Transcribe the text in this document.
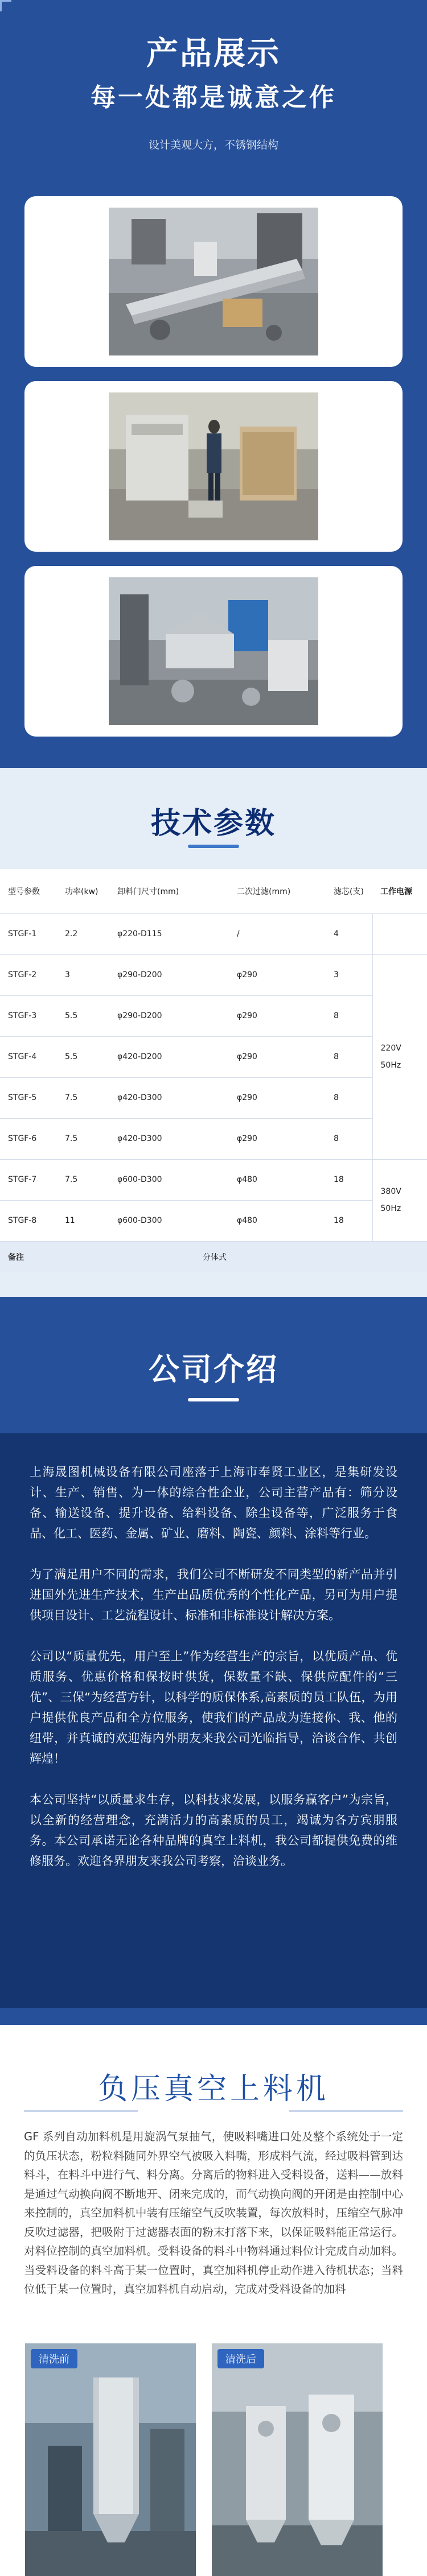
产品展示
每一处都是诚意之作
设计美观大方，不锈钢结构
技术参数
型号参数	功率(kw)	卸料门尺寸(mm)	二次过滤(mm)	滤芯(支)	工作电源
STGF-1	2.2	φ220-D115	/	4	
STGF-2	3	φ290-D200	φ290	3	220V
50Hz

STGF-3	5.5	φ290-D200	φ290	8	
STGF-4	5.5	φ420-D200	φ290	8	
STGF-5	7.5	φ420-D300	φ290	8	
STGF-6	7.5	φ420-D300	φ290	8	
STGF-7	7.5	φ600-D300	φ480	18	380V
50Hz

STGF-8	11	φ600-D300	φ480	18	
备注	分体式				
公司介绍

上海晟图机械设备有限公司座落于上海市奉贤工业区，是集研发设计、生产、销售、为一体的综合性企业，公司主营产品有：筛分设备、输送设备、提升设备、给料设备、除尘设备等，广泛服务于食品、化工、医药、金属、矿业、磨料、陶瓷、颜料、涂料等行业。

为了满足用户不同的需求，我们公司不断研发不同类型的新产品并引进国外先进生产技术，生产出品质优秀的个性化产品，另可为用户提供项目设计、工艺流程设计、标准和非标准设计解决方案。

公司以“质量优先，用户至上”作为经营生产的宗旨，以优质产品、优质服务、优惠价格和保按时供货，保数量不缺、保供应配件的“三优”、三保“为经营方针，以科学的质保体系,高素质的员工队伍，为用户提供优良产品和全方位服务，使我们的产品成为连接你、我、他的纽带，并真诚的欢迎海内外朋友来我公司光临指导，洽谈合作、共创辉煌！

本公司坚持“以质量求生存，以科技求发展，以服务赢客户”为宗旨，以全新的经营理念，充满活力的高素质的员工，竭诚为各方宾朋服务。本公司承诺无论各种品牌的真空上料机，我公司都提供免费的维修服务。欢迎各界朋友来我公司考察，洽谈业务。

负压真空上料机
GF 系列自动加料机是用旋涡气泵抽气，使吸料嘴进口处及整个系统处于一定的负压状态，粉粒料随同外界空气被吸入料嘴，形成料气流，经过吸料管到达料斗，在料斗中进行气、料分离。分离后的物料进入受料设备，送料——放料是通过气动换向阀不断地开、闭来完成的，而气动换向阀的开闭是由控制中心来控制的，真空加料机中装有压缩空气反吹装置，每次放料时，压缩空气脉冲反吹过滤器，把吸附于过滤器表面的粉末打落下来，以保证吸料能正常运行。对料位控制的真空加料机。受料设备的料斗中物料通过料位计完成自动加料。当受料设备的料斗高于某一位置时，真空加料机停止动作进入待机状态；当料位低于某一位置时，真空加料机自动启动，完成对受料设备的加料
清洗前	清洗后
